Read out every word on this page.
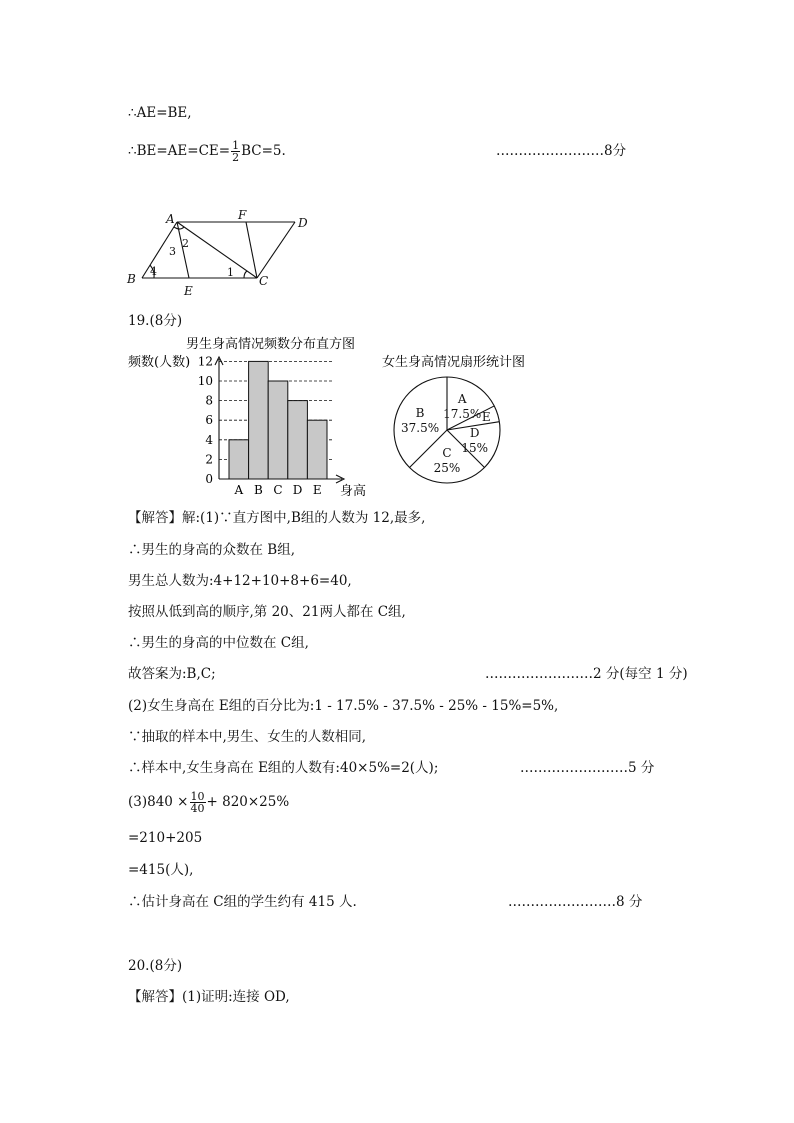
∴AE=BE,
∴BE=AE=CE= $\frac{1}{2} BC=5$.	……………………8分
A	F
D
B
E
C
1
2
3
4
19.(8分)
男生身高情况频数分布直方图
频数(人数)
身高
0
2
4
6
8
10
12
A B C D E
女生身高情况扇形统计图
A
17.5% E
D
15%
C
25%
B
37.5%
【解答】解:(1)∵直方图中,B组的人数为 12,最多,
∴男生的身高的众数在 B组,
男生总人数为:4+12+10+8+6=40,
按照从低到高的顺序,第 20、21两人都在 C组,
∴男生的身高的中位数在 C组,
故答案为:B,C;	……………………2 分(每空 1 分)
(2)女生身高在 E组的百分比为:1 - 17.5% - 37.5% - 25% - 15%=5%,
∵抽取的样本中,男生、女生的人数相同,
∴样本中,女生身高在 E组的人数有:40×5%=2(人);	……………………5 分
$(3)840 \times \frac{10}{40} + 820\times 25\%$
=210+205
=415(人),
∴估计身高在 C组的学生约有 415 人.	……………………8 分
20.(8分)
【解答】(1)证明:连接 OD,
